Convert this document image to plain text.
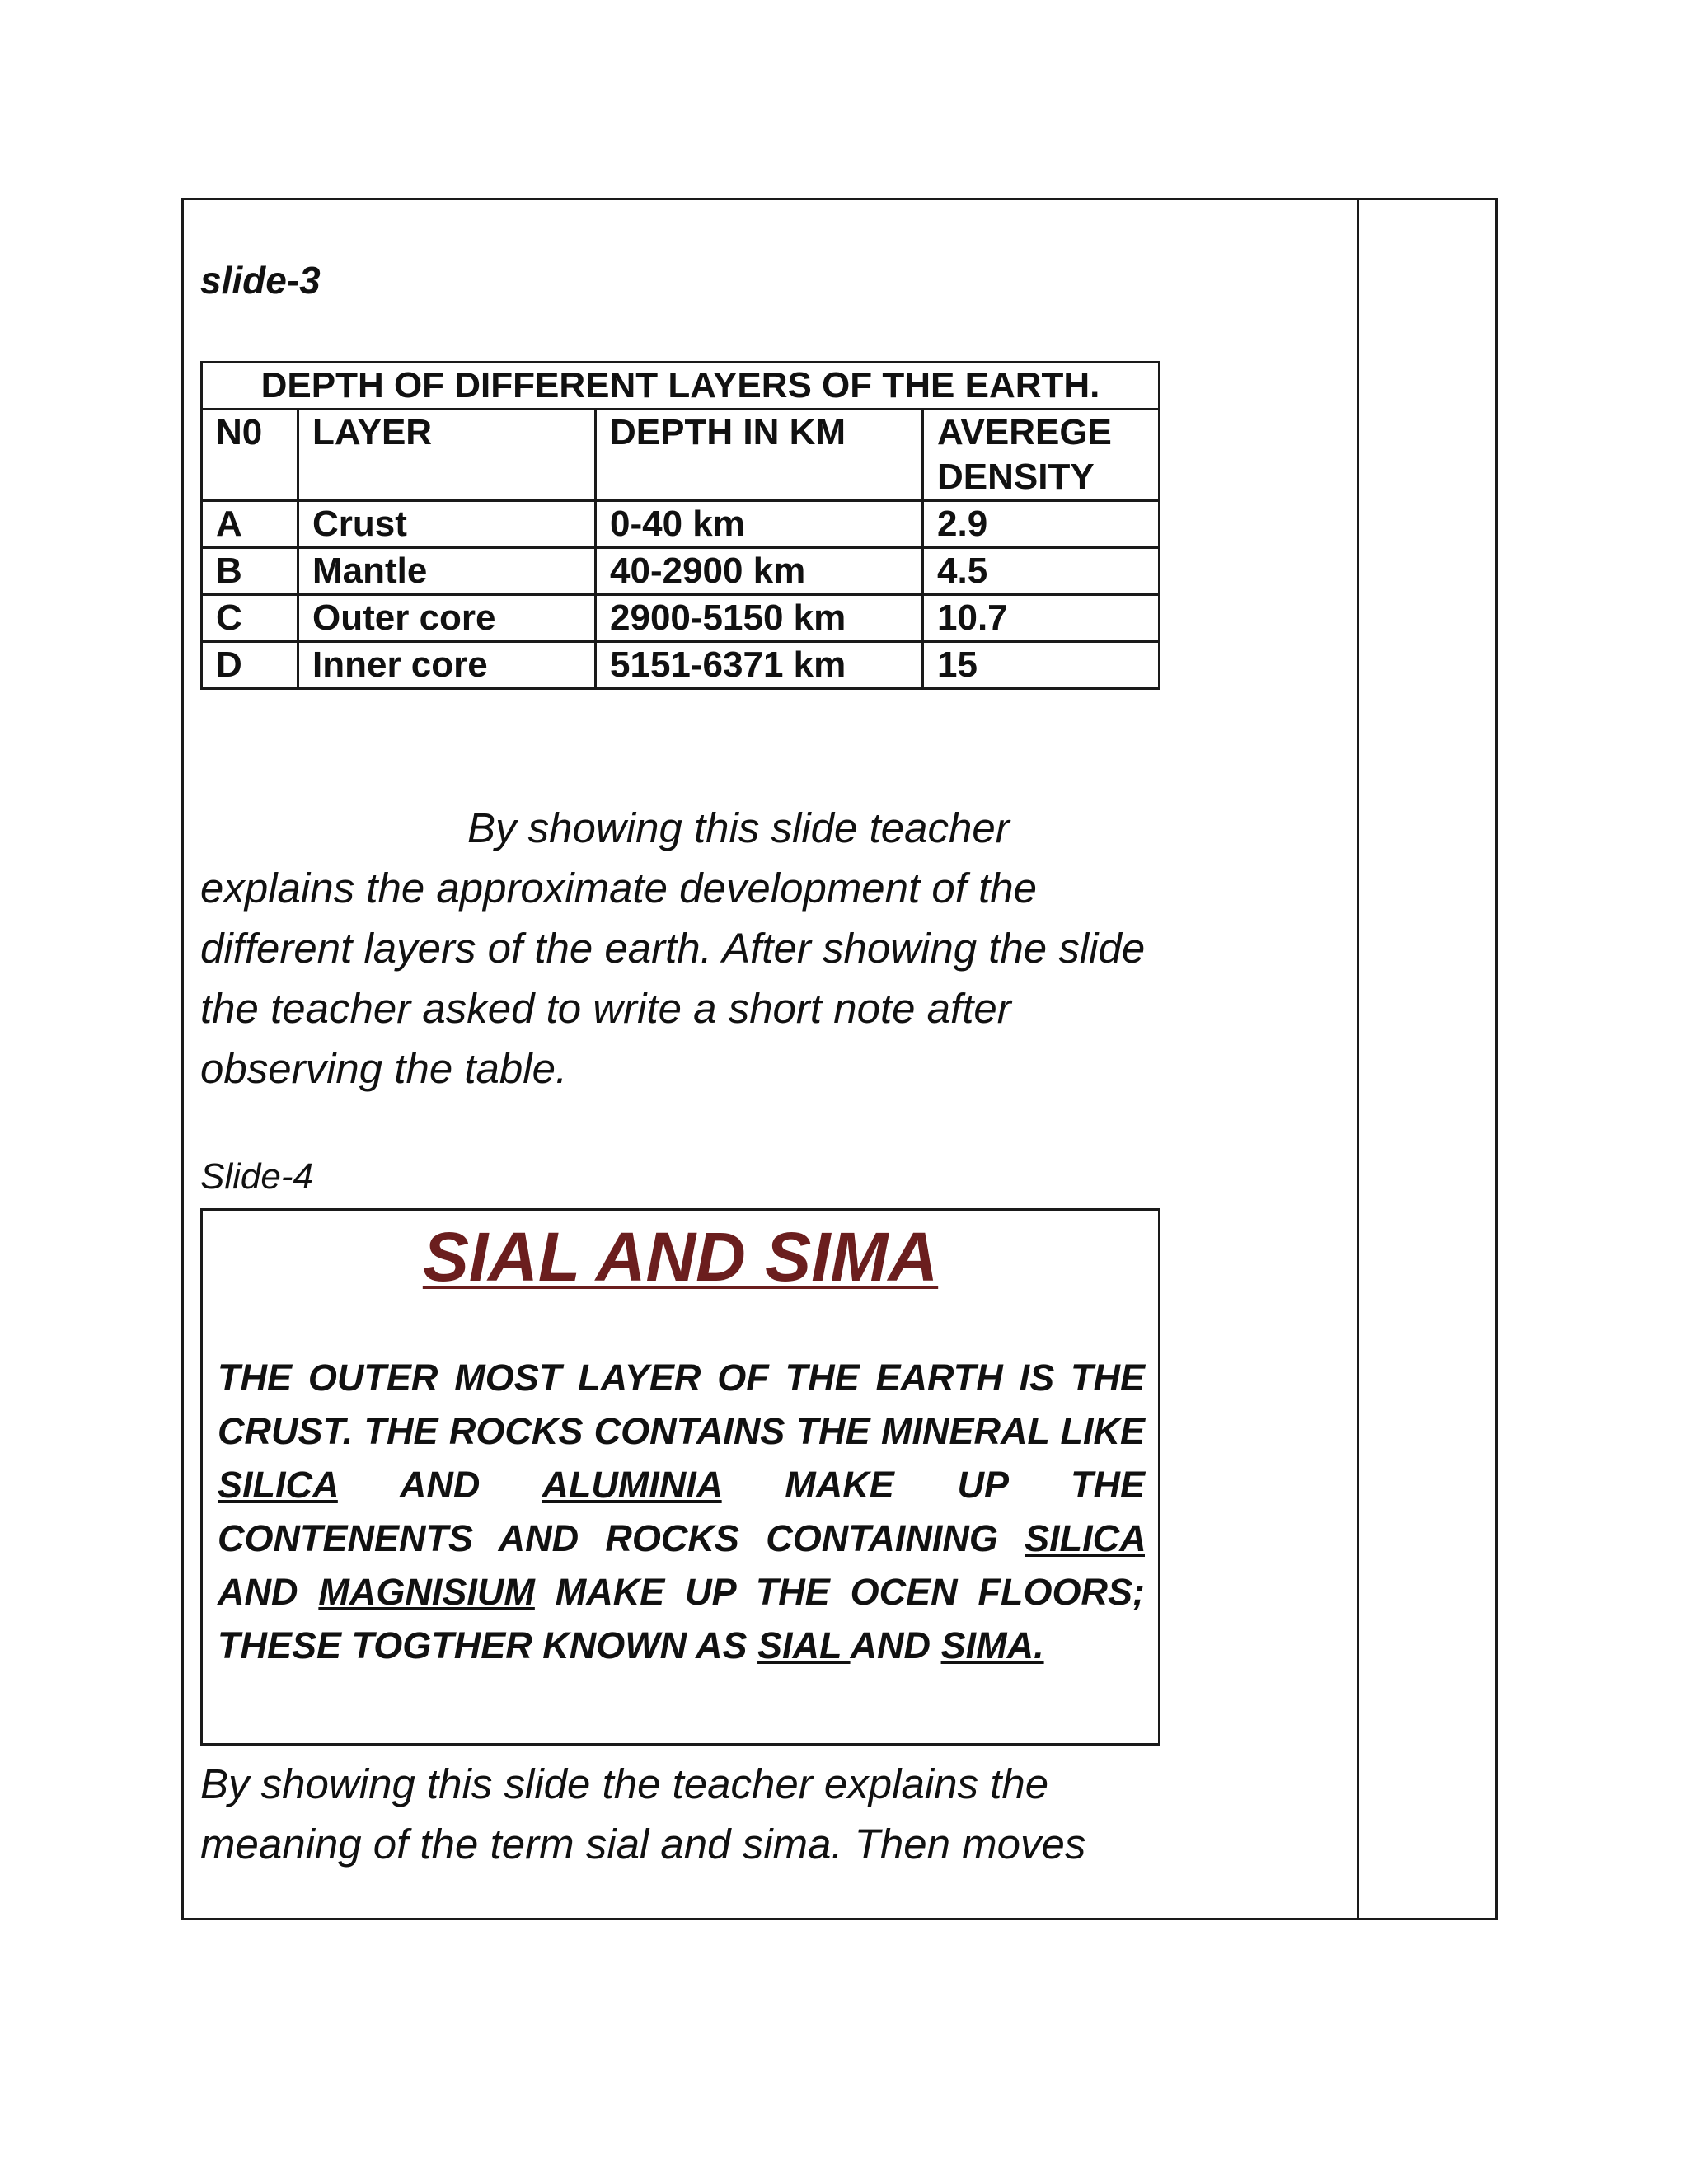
slide-3
DEPTH OF DIFFERENT LAYERS OF THE EARTH.			
N0	LAYER	DEPTH IN KM	AVEREGE DENSITY
A	Crust	0-40 km	2.9
B	Mantle	40-2900 km	4.5
C	Outer core	2900-5150 km	10.7
D	Inner core	5151-6371 km	15
By showing this slide teacher
explains the approximate development of the different layers of the earth. After showing the slide the teacher asked to write a short note after observing the table.
Slide-4
SIAL AND SIMA
THE OUTER MOST LAYER OF THE EARTH IS THE CRUST. THE ROCKS CONTAINS THE MINERAL LIKE SILICA AND ALUMINIA MAKE UP THE CONTENENTS AND ROCKS CONTAINING SILICA AND MAGNISIUM MAKE UP THE OCEN FLOORS; THESE TOGTHER KNOWN AS SIAL AND SIMA.
By showing this slide the teacher explains the meaning of the term sial and sima. Then moves
